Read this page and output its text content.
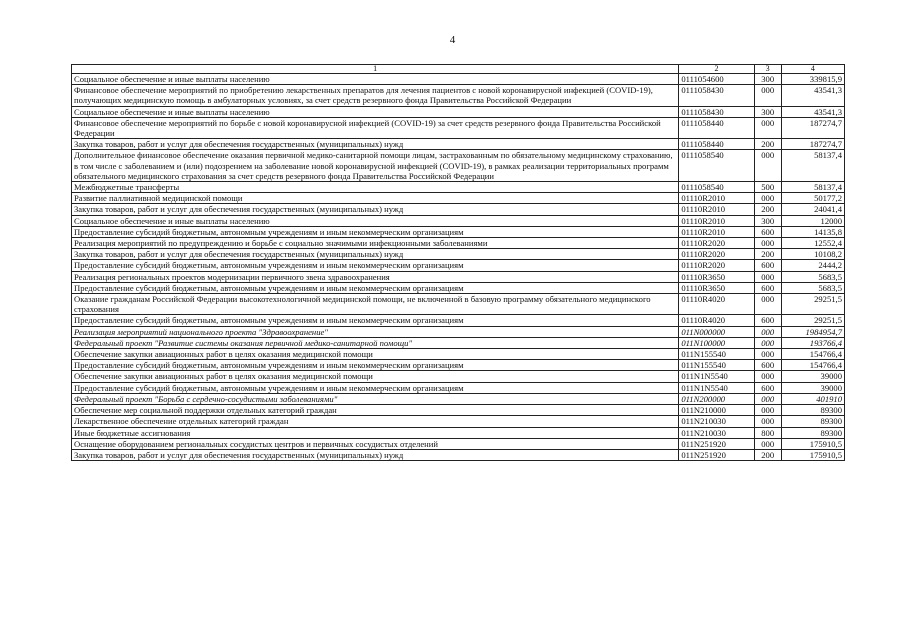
4
1	2	3	4
Социальное обеспечение и иные выплаты населению	0111054600	300	339815,9
Финансовое обеспечение мероприятий по приобретению лекарственных препаратов для лечения пациентов с новой коронавирусной инфекцией (COVID-19), получающих медицинскую помощь в амбулаторных условиях, за счет средств резервного фонда Правительства Российской Федерации	0111058430	000	43541,3
Социальное обеспечение и иные выплаты населению	0111058430	300	43541,3
Финансовое обеспечение мероприятий по борьбе с новой коронавирусной инфекцией (COVID-19) за счет средств резервного фонда Правительства Российской Федерации	0111058440	000	187274,7
Закупка товаров, работ и услуг для обеспечения государственных (муниципальных) нужд	0111058440	200	187274,7
Дополнительное финансовое обеспечение оказания первичной медико-санитарной помощи лицам, застрахованным по обязательному медицинскому страхованию, в том числе с заболеванием и (или) подозрением на заболевание новой коронавирусной инфекцией (COVID-19), в рамках реализации территориальных программ обязательного медицинского страхования за счет средств резервного фонда Правительства Российской Федерации	0111058540	000	58137,4
Межбюджетные трансферты	0111058540	500	58137,4
Развитие паллиативной медицинской помощи	01110R2010	000	50177,2
Закупка товаров, работ и услуг для обеспечения государственных (муниципальных) нужд	01110R2010	200	24041,4
Социальное обеспечение и иные выплаты населению	01110R2010	300	12000
Предоставление субсидий бюджетным, автономным учреждениям и иным некоммерческим организациям	01110R2010	600	14135,8
Реализация мероприятий по предупреждению и борьбе с социально значимыми инфекционными заболеваниями	01110R2020	000	12552,4
Закупка товаров, работ и услуг для обеспечения государственных (муниципальных) нужд	01110R2020	200	10108,2
Предоставление субсидий бюджетным, автономным учреждениям и иным некоммерческим организациям	01110R2020	600	2444,2
Реализация региональных проектов модернизации первичного звена здравоохранения	01110R3650	000	5683,5
Предоставление субсидий бюджетным, автономным учреждениям и иным некоммерческим организациям	01110R3650	600	5683,5
Оказание гражданам Российской Федерации высокотехнологичной медицинской помощи, не включенной в базовую программу обязательного медицинского страхования	01110R4020	000	29251,5
Предоставление субсидий бюджетным, автономным учреждениям и иным некоммерческим организациям	01110R4020	600	29251,5
Реализация мероприятий национального проекта "Здравоохранение"	011N000000	000	1984954,7
Федеральный проект "Развитие системы оказания первичной медико-санитарной помощи"	011N100000	000	193766,4
Обеспечение закупки авиационных работ в целях оказания медицинской помощи	011N155540	000	154766,4
Предоставление субсидий бюджетным, автономным учреждениям и иным некоммерческим организациям	011N155540	600	154766,4
Обеспечение закупки авиационных работ в целях оказания медицинской помощи	011N1N5540	000	39000
Предоставление субсидий бюджетным, автономным учреждениям и иным некоммерческим организациям	011N1N5540	600	39000
Федеральный проект "Борьба с сердечно-сосудистыми заболеваниями"	011N200000	000	401910
Обеспечение мер социальной поддержки отдельных категорий граждан	011N210000	000	89300
Лекарственное обеспечение отдельных категорий граждан	011N210030	000	89300
Иные бюджетные ассигнования	011N210030	800	89300
Оснащение оборудованием региональных сосудистых центров и первичных сосудистых отделений	011N251920	000	175910,5
Закупка товаров, работ и услуг для обеспечения государственных (муниципальных) нужд	011N251920	200	175910,5
